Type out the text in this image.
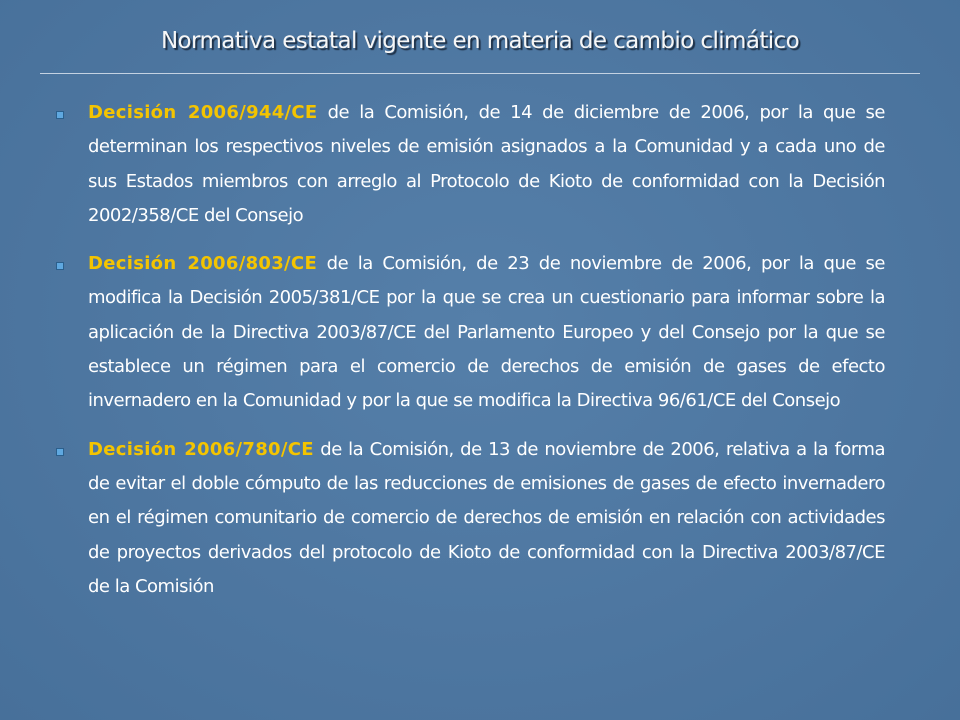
Normativa estatal vigente en materia de cambio climático

Decisión 2006/944/CE de la Comisión, de 14 de diciembre de 2006, por la que se determinan los respectivos niveles de emisión asignados a la Comunidad y a cada uno de sus Estados miembros con arreglo al Protocolo de Kioto de conformidad con la Decisión 2002/358/CE del Consejo

Decisión 2006/803/CE de la Comisión, de 23 de noviembre de 2006, por la que se modifica la Decisión 2005/381/CE por la que se crea un cuestionario para informar sobre la aplicación de la Directiva 2003/87/CE del Parlamento Europeo y del Consejo por la que se establece un régimen para el comercio de derechos de emisión de gases de efecto invernadero en la Comunidad y por la que se modifica la Directiva 96/61/CE del Consejo

Decisión 2006/780/CE de la Comisión, de 13 de noviembre de 2006, relativa a la forma de evitar el doble cómputo de las reducciones de emisiones de gases de efecto invernadero en el régimen comunitario de comercio de derechos de emisión en relación con actividades de proyectos derivados del protocolo de Kioto de conformidad con la Directiva 2003/87/CE de la Comisión
